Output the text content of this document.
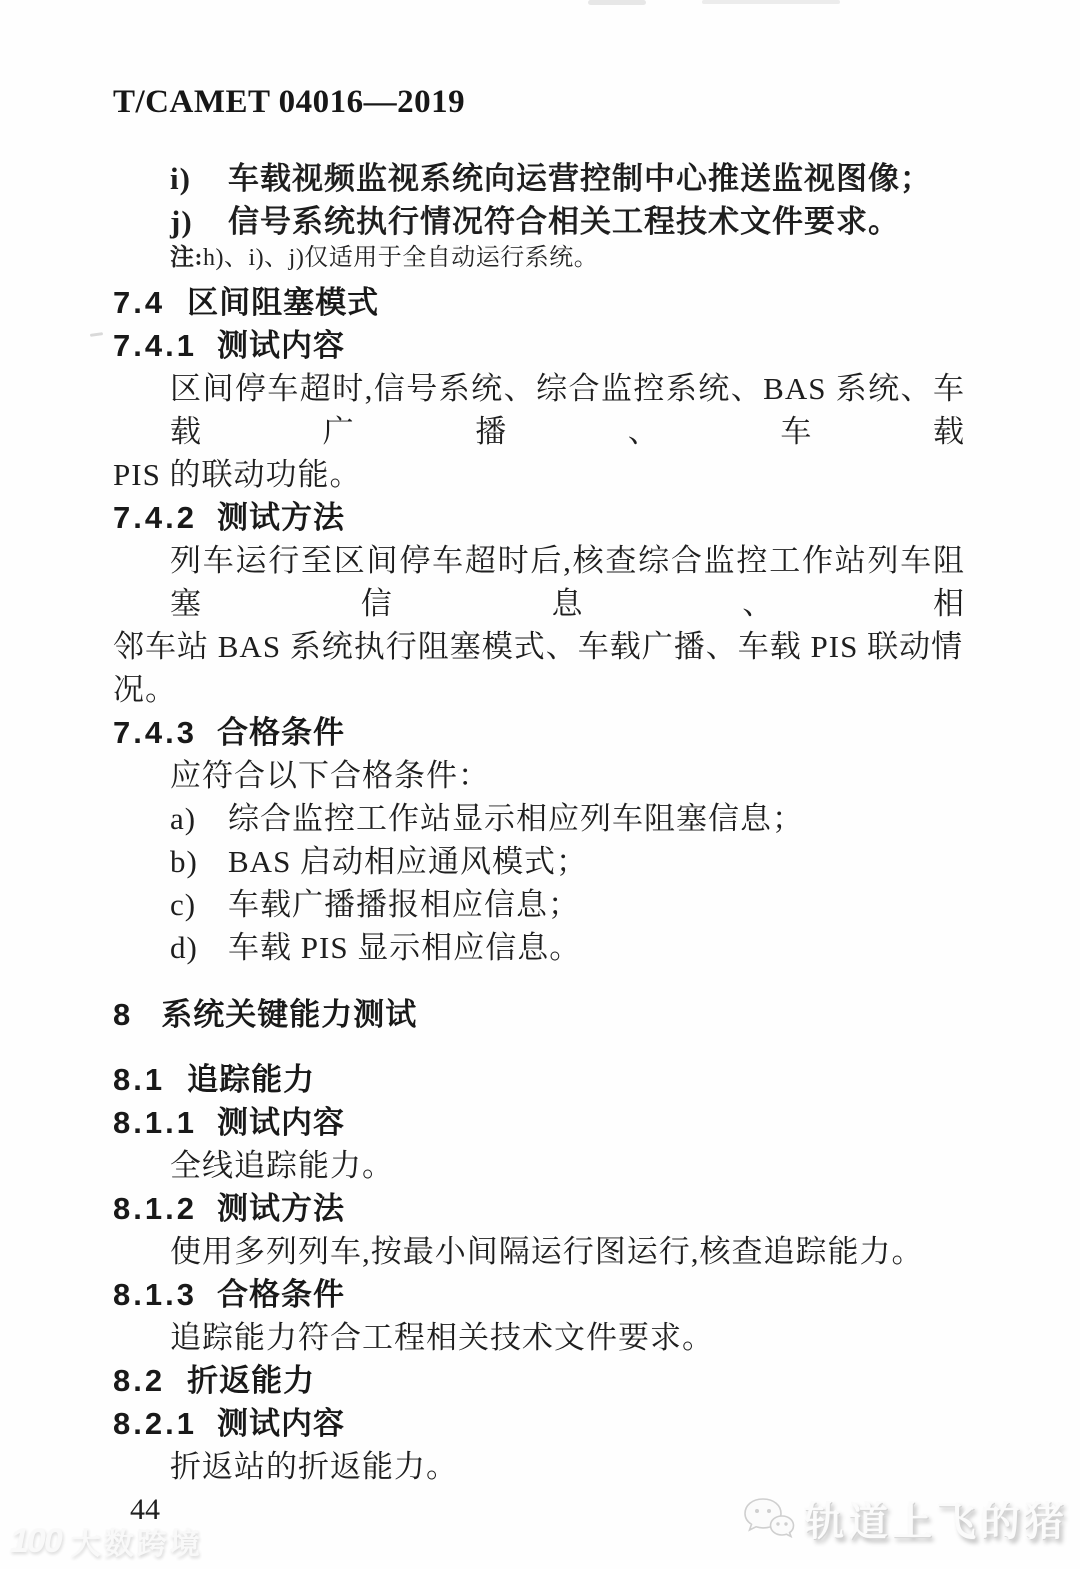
T/CAMET 04016—2019
i) 车载视频监视系统向运营控制中心推送监视图像；
j) 信号系统执行情况符合相关工程技术文件要求。
注:h)、i)、j)仅适用于全自动运行系统。
7.4 区间阻塞模式
7.4.1 测试内容
区间停车超时,信号系统、综合监控系统、BAS 系统、车载广播、车载
PIS 的联动功能。
7.4.2 测试方法
列车运行至区间停车超时后,核查综合监控工作站列车阻塞信息、相
邻车站 BAS 系统执行阻塞模式、车载广播、车载 PIS 联动情况。
7.4.3 合格条件
应符合以下合格条件：
a) 综合监控工作站显示相应列车阻塞信息；
b) BAS 启动相应通风模式；
c) 车载广播播报相应信息；
d) 车载 PIS 显示相应信息。
8 系统关键能力测试
8.1 追踪能力
8.1.1 测试内容
全线追踪能力。
8.1.2 测试方法
使用多列列车,按最小间隔运行图运行,核查追踪能力。
8.1.3 合格条件
追踪能力符合工程相关技术文件要求。
8.2 折返能力
8.2.1 测试内容
折返站的折返能力。
44
100 大数跨境
轨道上飞的猪
